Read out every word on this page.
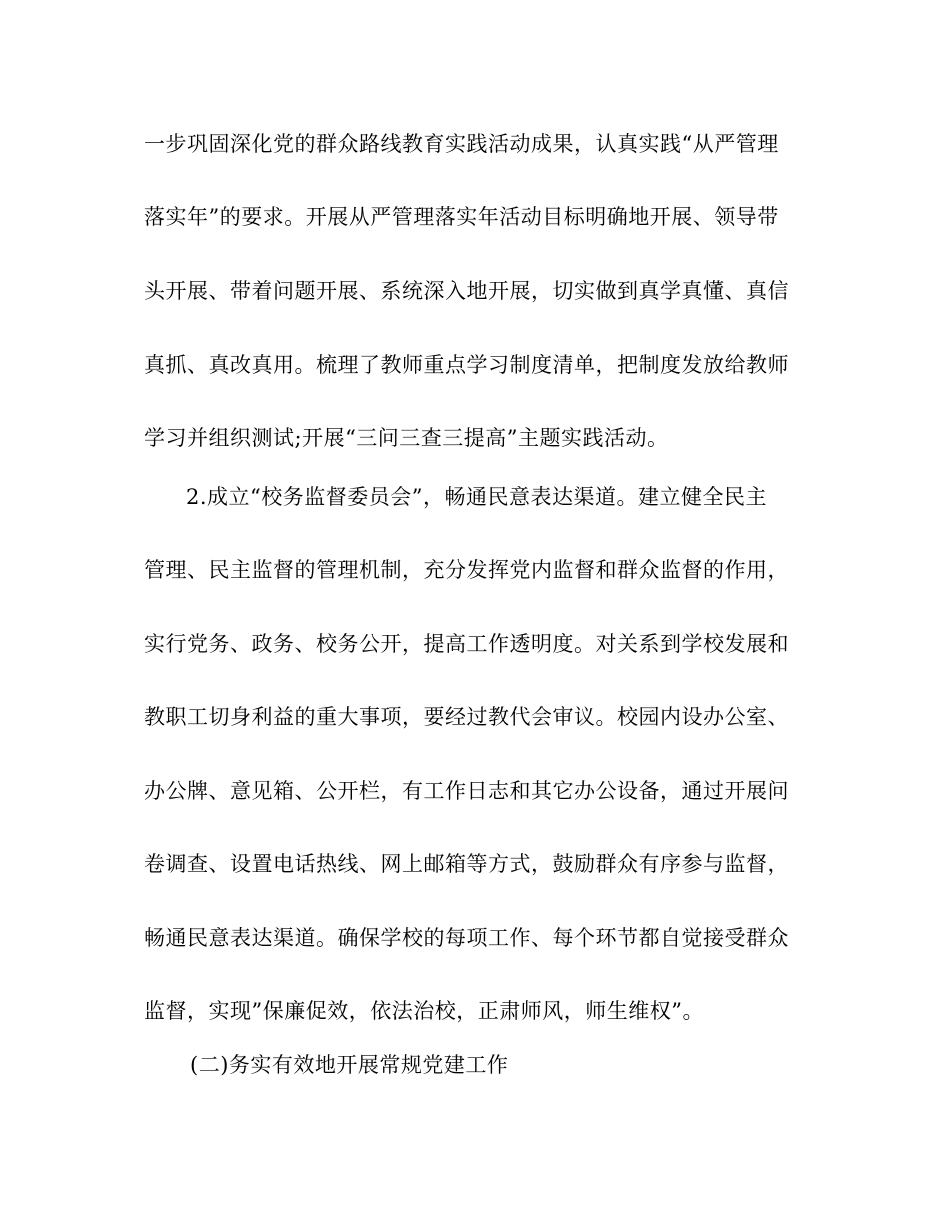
一步巩固深化党的群众路线教育实践活动成果，认真实践“从严管理
落实年”的要求。开展从严管理落实年活动目标明确地开展、领导带
头开展、带着问题开展、系统深入地开展，切实做到真学真懂、真信
真抓、真改真用。梳理了教师重点学习制度清单，把制度发放给教师
学习并组织测试;开展“三问三查三提高”主题实践活动。
2.成立“校务监督委员会”，畅通民意表达渠道。建立健全民主
管理、民主监督的管理机制，充分发挥党内监督和群众监督的作用，
实行党务、政务、校务公开，提高工作透明度。对关系到学校发展和
教职工切身利益的重大事项，要经过教代会审议。校园内设办公室、
办公牌、意见箱、公开栏，有工作日志和其它办公设备，通过开展问
卷调查、设置电话热线、网上邮箱等方式，鼓励群众有序参与监督，
畅通民意表达渠道。确保学校的每项工作、每个环节都自觉接受群众
监督，实现”保廉促效，依法治校，正肃师风，师生维权”。
(二)务实有效地开展常规党建工作
